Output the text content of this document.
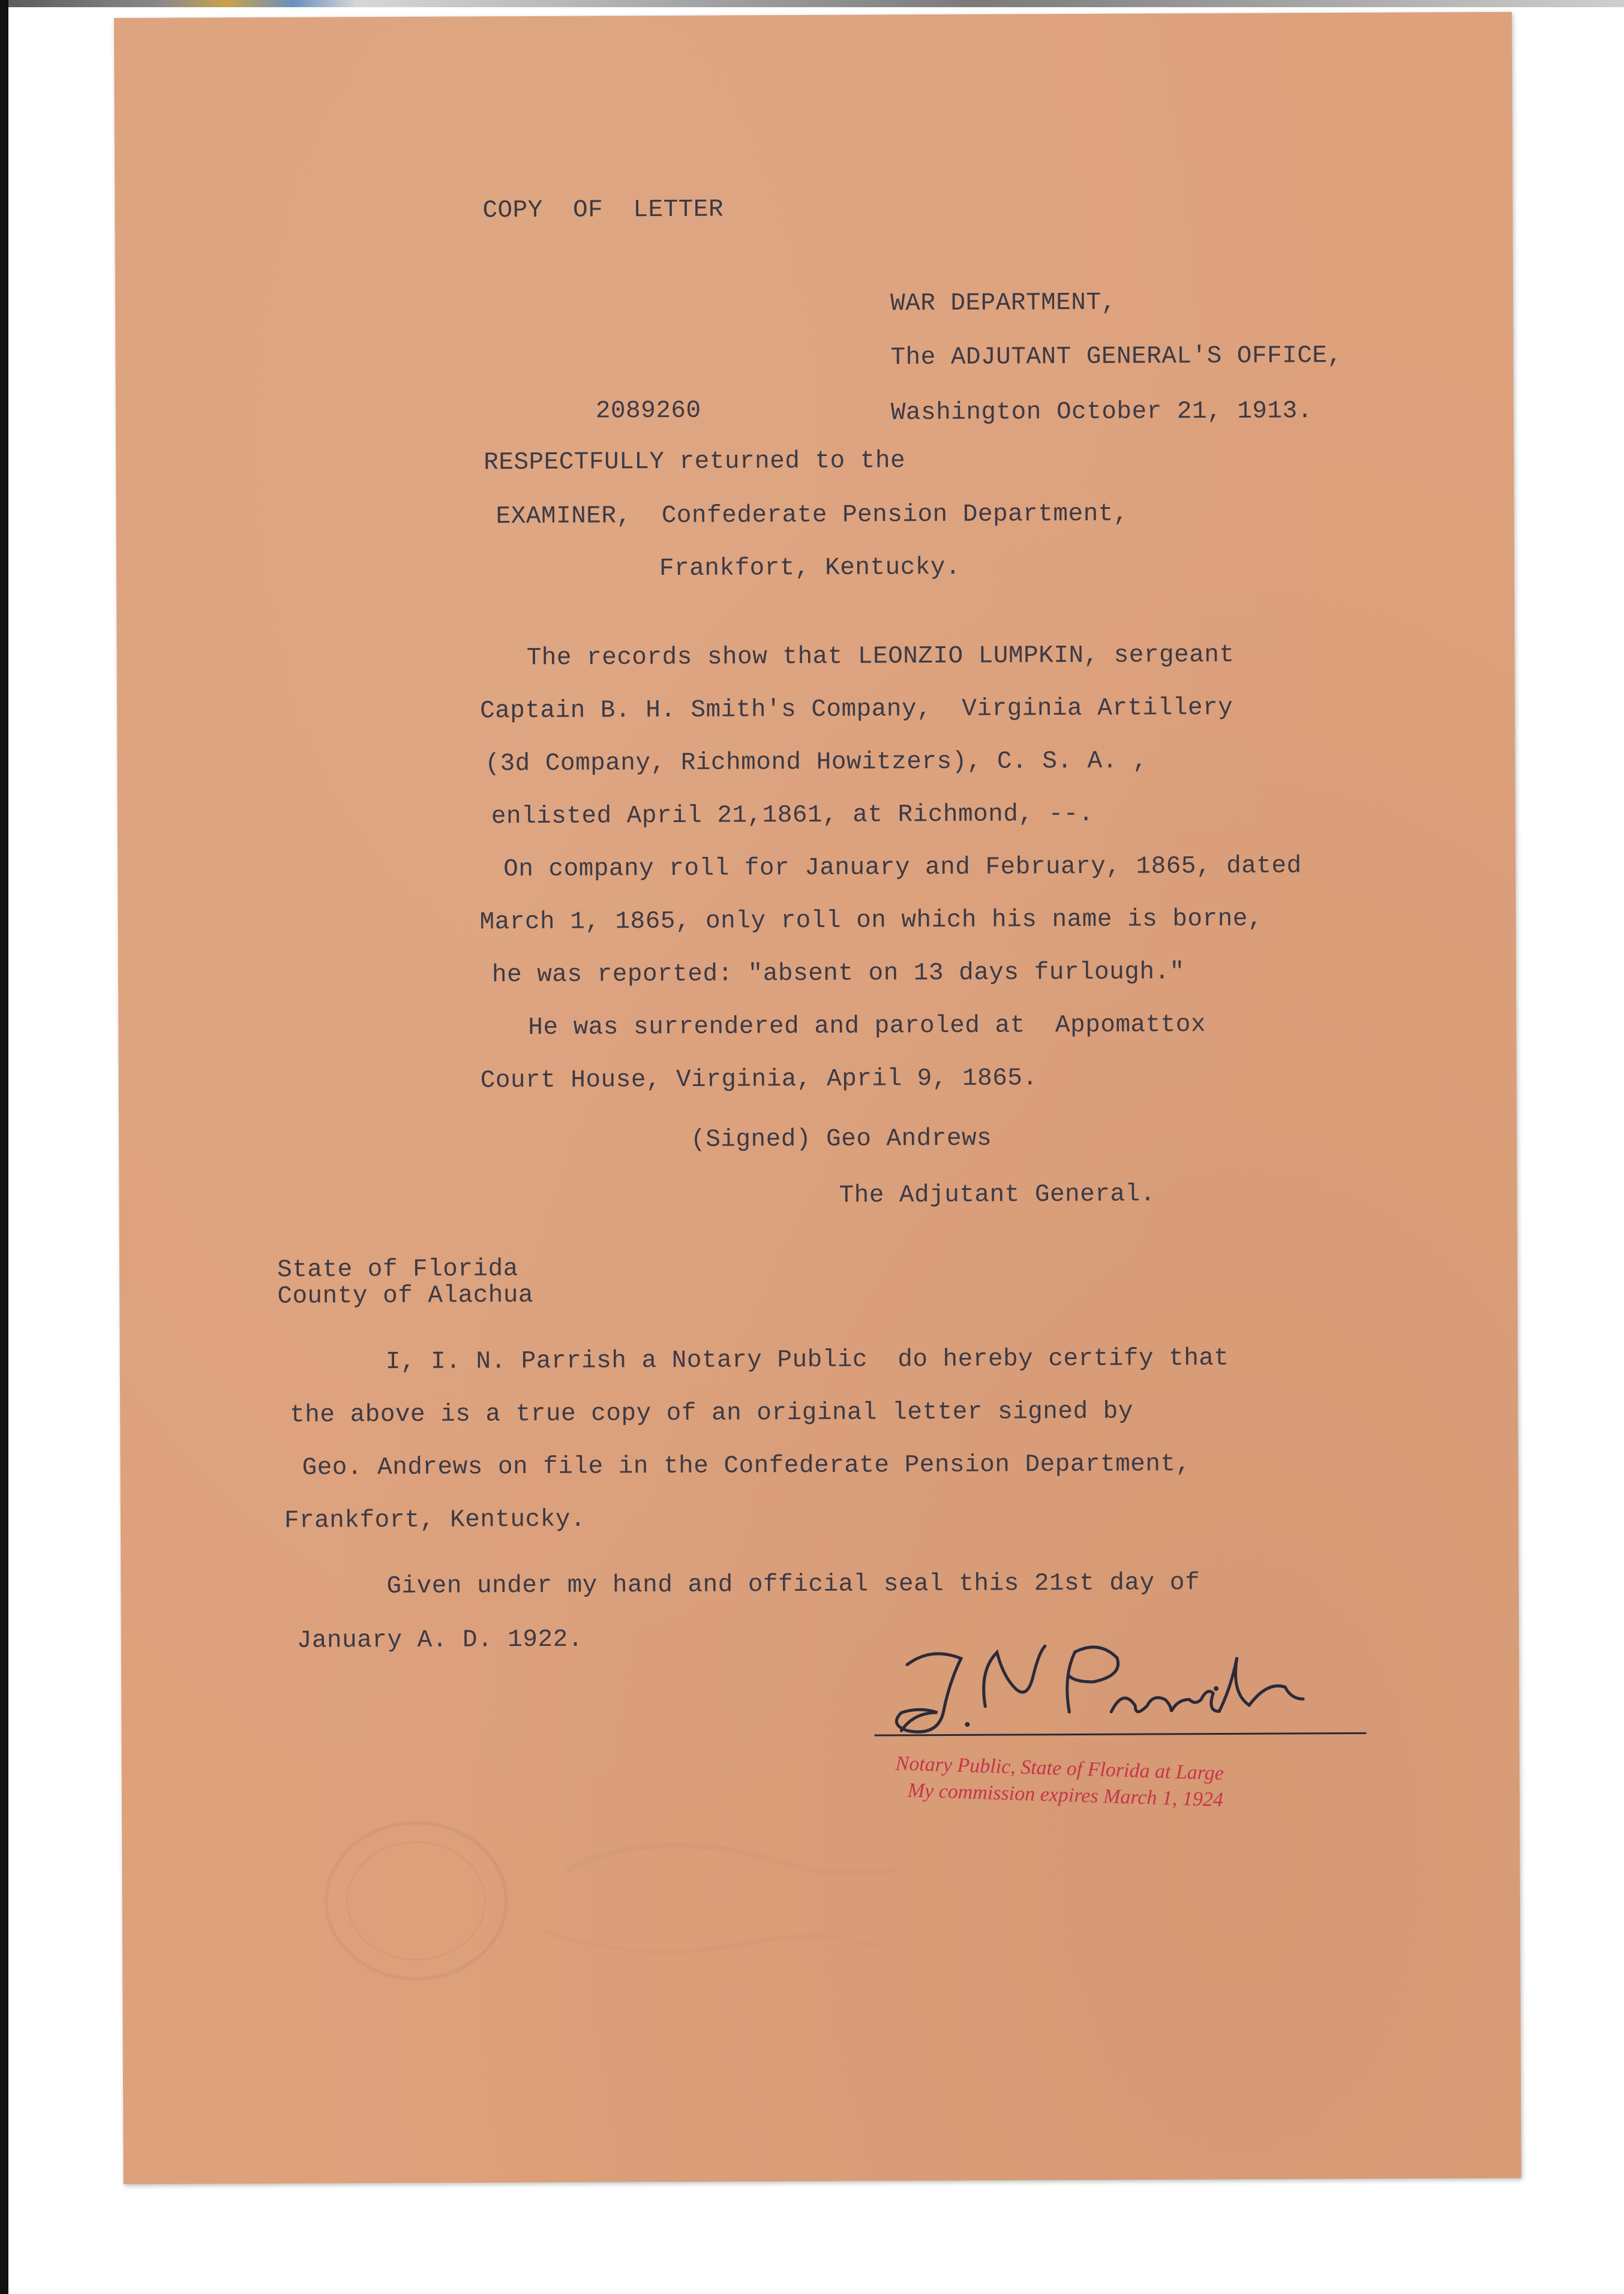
COPY  OF  LETTER
WAR DEPARTMENT,
The ADJUTANT GENERAL'S OFFICE,
2089260	Washington October 21, 1913.
RESPECTFULLY returned to the
EXAMINER,  Confederate Pension Department,
Frankfort, Kentucky.
The records show that LEONZIO LUMPKIN, sergeant
Captain B. H. Smith's Company,  Virginia Artillery
(3d Company, Richmond Howitzers), C. S. A. ,
enlisted April 21,1861, at Richmond, --.
On company roll for January and February, 1865, dated
March 1, 1865, only roll on which his name is borne,
he was reported: "absent on 13 days furlough."
He was surrendered and paroled at  Appomattox
Court House, Virginia, April 9, 1865.
(Signed) Geo Andrews
The Adjutant General.
State of Florida
County of Alachua
I, I. N. Parrish a Notary Public  do hereby certify that
the above is a true copy of an original letter signed by
Geo. Andrews on file in the Confederate Pension Department,
Frankfort, Kentucky.
Given under my hand and official seal this 21st day of
January A. D. 1922.
Notary Public, State of Florida at Large
My commission expires March 1, 1924
